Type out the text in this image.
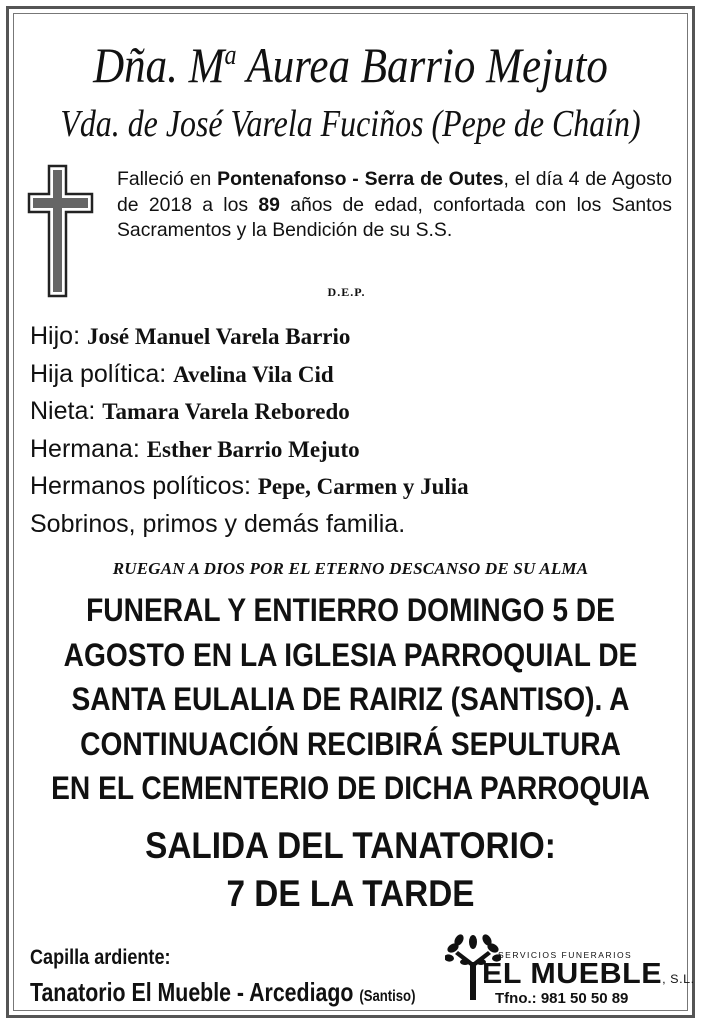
Dña. $M^a$ Aurea Barrio Mejuto
Vda. de José Varela Fuciños (Pepe de Chaín)
Falleció en Pontenafonso - Serra de Outes, el día 4 de Agosto de 2018 a los 89 años de edad, confortada con los Santos Sacramentos y la Bendición de su S.S.
D.E.P.
Hijo: José Manuel Varela Barrio
Hija política: Avelina Vila Cid
Nieta: Tamara Varela Reboredo
Hermana: Esther Barrio Mejuto
Hermanos políticos: Pepe, Carmen y Julia
Sobrinos, primos y demás familia.
RUEGAN A DIOS POR EL ETERNO DESCANSO DE SU ALMA
FUNERAL Y ENTIERRO DOMINGO 5 DE
AGOSTO EN LA IGLESIA PARROQUIAL DE
SANTA EULALIA DE RAIRIZ (SANTISO). A
CONTINUACIÓN RECIBIRÁ SEPULTURA
EN EL CEMENTERIO DE DICHA PARROQUIA
SALIDA DEL TANATORIO:
7 DE LA TARDE
Capilla ardiente:
Tanatorio El Mueble - Arcediago (Santiso)
SERVICIOS FUNERARIOS
EL MUEBLE, S.L.
Tfno.: 981 50 50 89
